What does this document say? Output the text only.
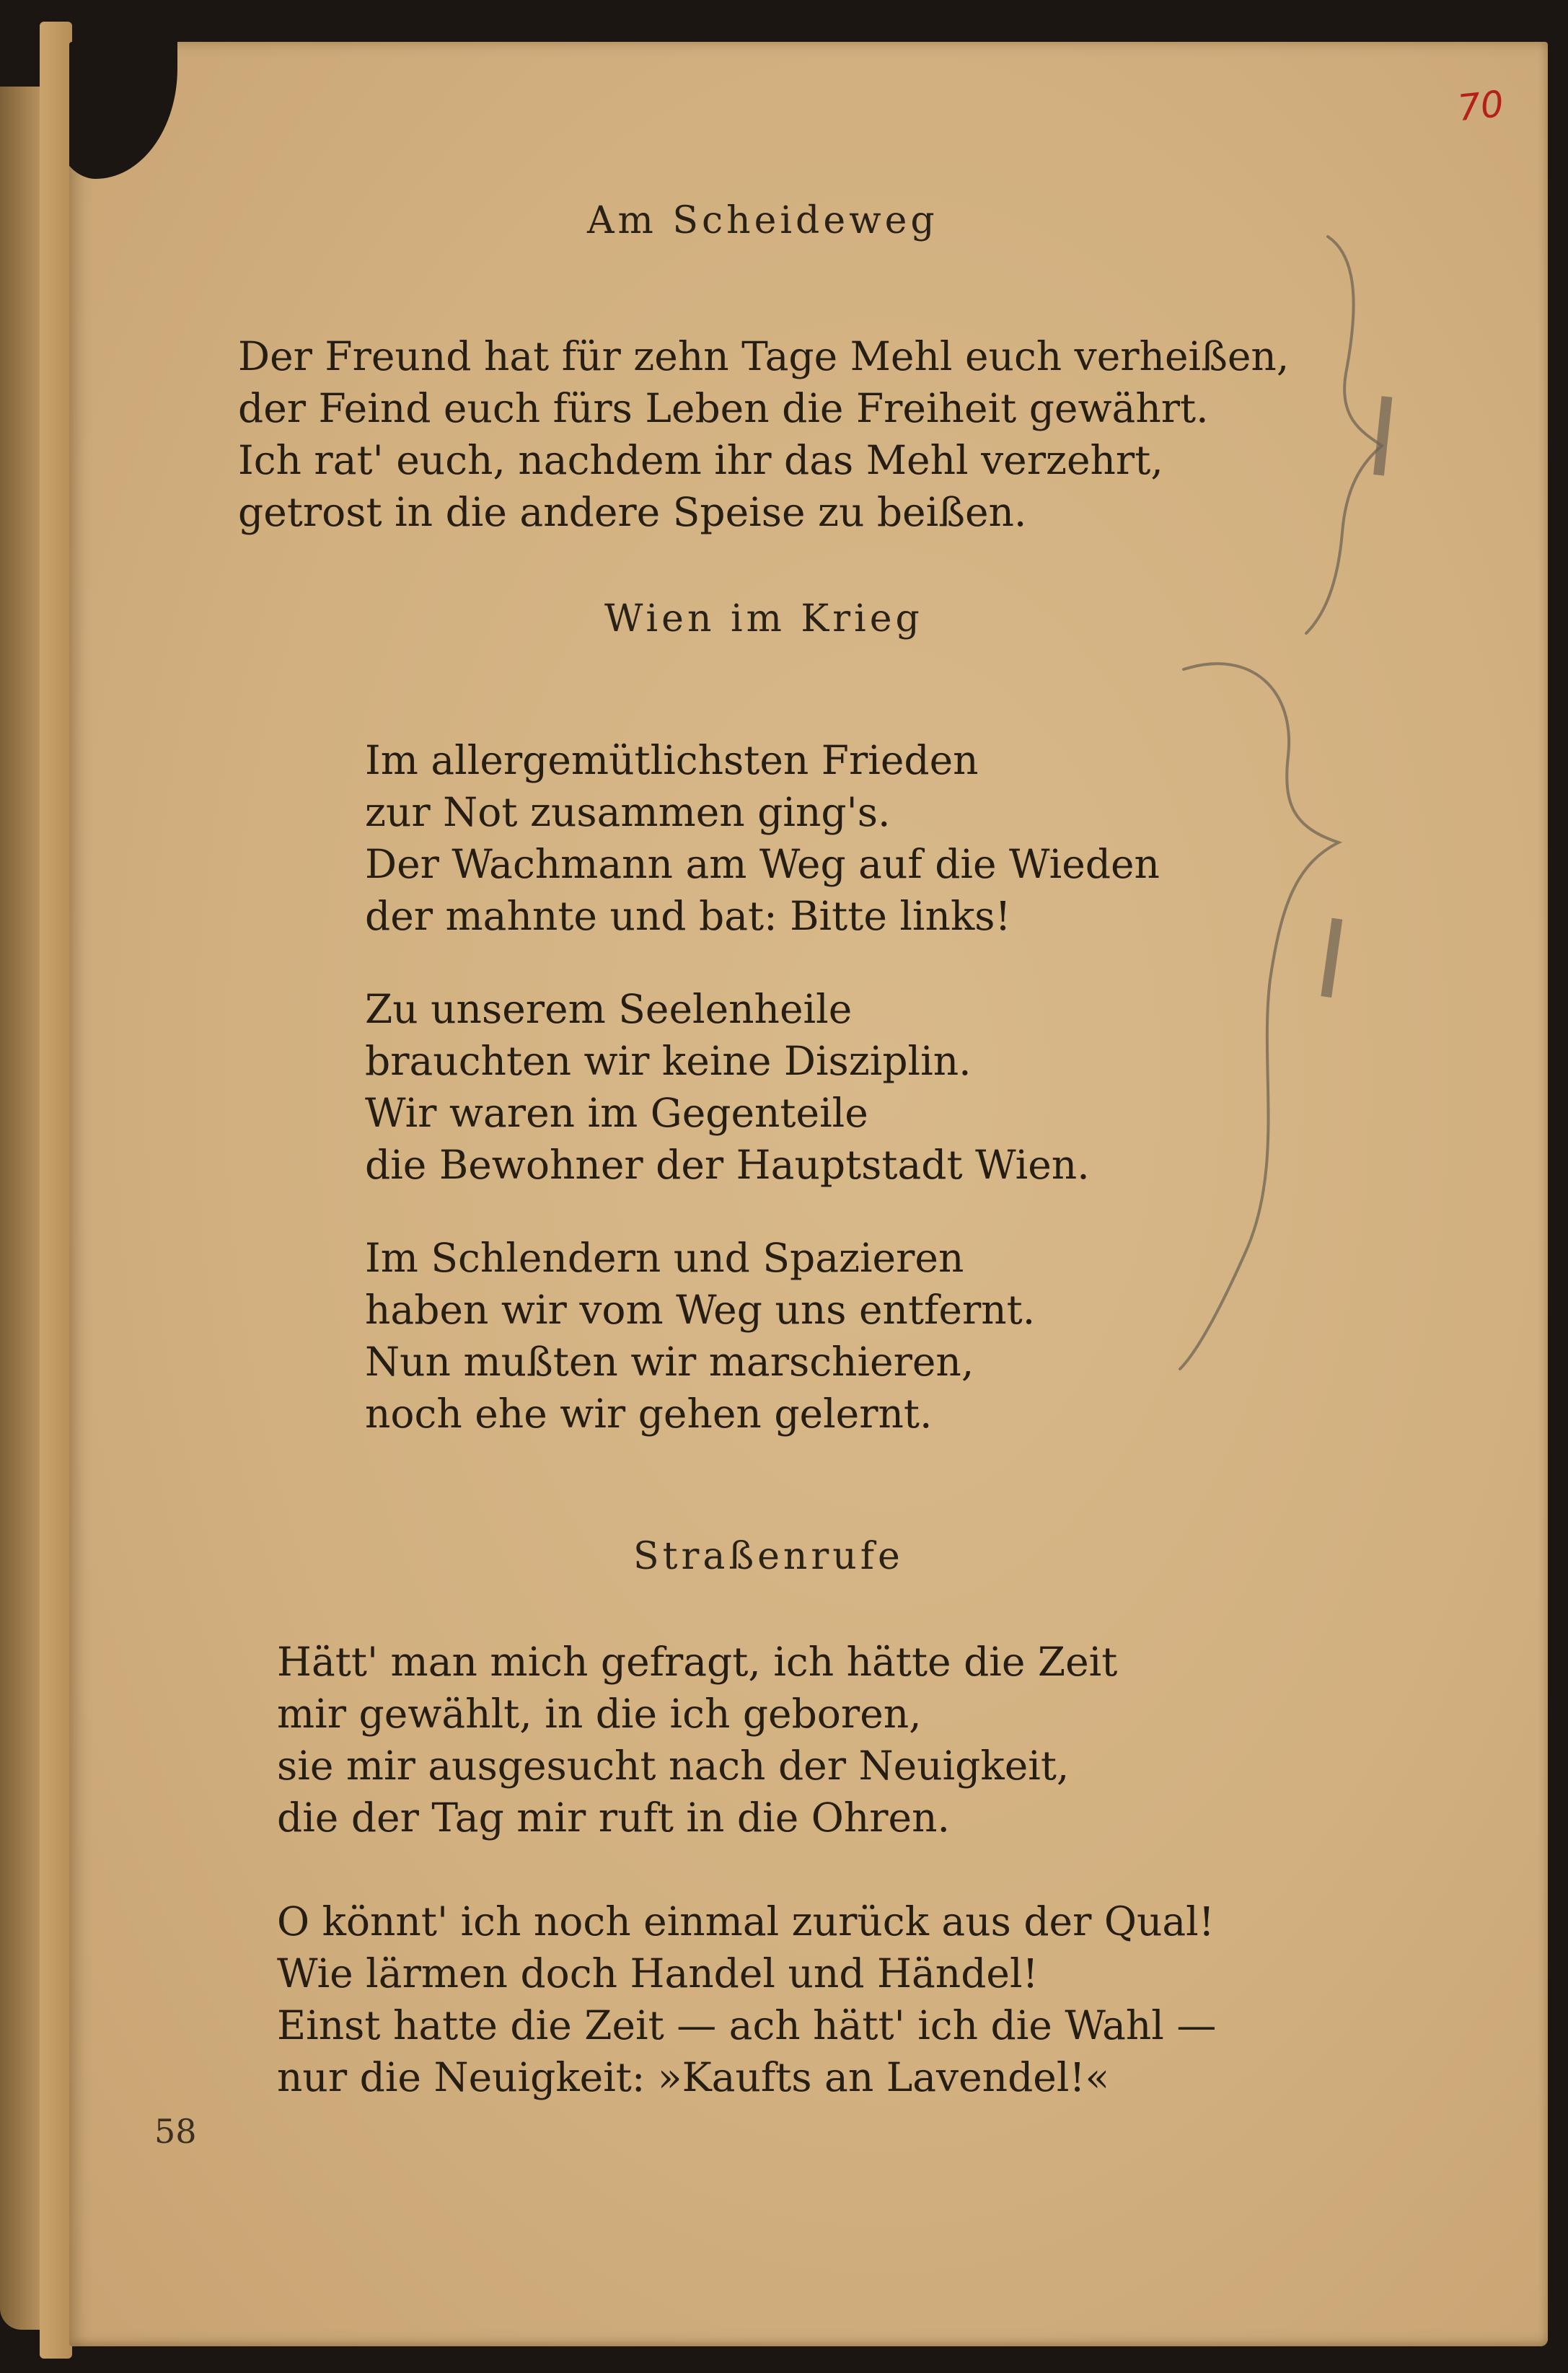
70
Am Scheideweg
Der Freund hat für zehn Tage Mehl euch verheißen,
der Feind euch fürs Leben die Freiheit gewährt.
Ich rat' euch, nachdem ihr das Mehl verzehrt,
getrost in die andere Speise zu beißen.
Wien im Krieg
Im allergemütlichsten Frieden
zur Not zusammen ging's.
Der Wachmann am Weg auf die Wieden
der mahnte und bat: Bitte links!
Zu unserem Seelenheile
brauchten wir keine Disziplin.
Wir waren im Gegenteile
die Bewohner der Hauptstadt Wien.
Im Schlendern und Spazieren
haben wir vom Weg uns entfernt.
Nun mußten wir marschieren,
noch ehe wir gehen gelernt.
Straßenrufe
Hätt' man mich gefragt, ich hätte die Zeit
mir gewählt, in die ich geboren,
sie mir ausgesucht nach der Neuigkeit,
die der Tag mir ruft in die Ohren.
O könnt' ich noch einmal zurück aus der Qual!
Wie lärmen doch Handel und Händel!
Einst hatte die Zeit — ach hätt' ich die Wahl —
nur die Neuigkeit: »Kaufts an Lavendel!«
58
I
I
